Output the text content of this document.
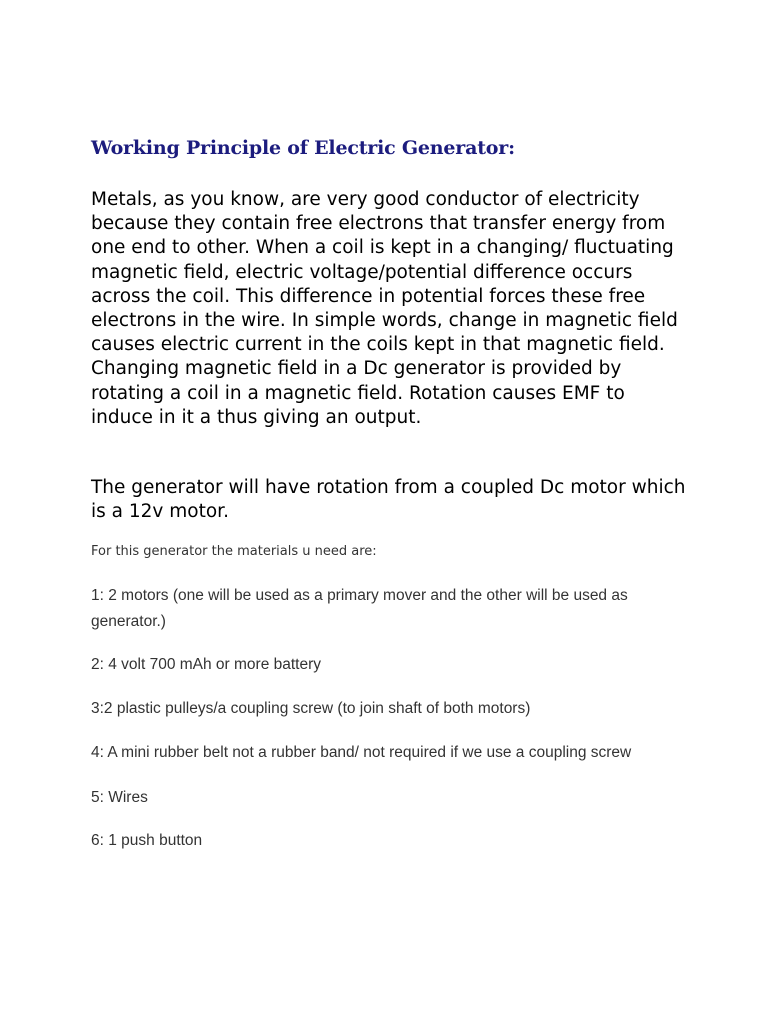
Working Principle of Electric Generator:

Metals, as you know, are very good conductor of electricity because they contain free electrons that transfer energy from one end to other. When a coil is kept in a changing/ fluctuating magnetic field, electric voltage/potential difference occurs across the coil. This difference in potential forces these free electrons in the wire. In simple words, change in magnetic field causes electric current in the coils kept in that magnetic field. Changing magnetic field in a Dc generator is provided by rotating a coil in a magnetic field. Rotation causes EMF to induce in it a thus giving an output.

The generator will have rotation from a coupled Dc motor which is a 12v motor.

For this generator the materials u need are:

1: 2 motors (one will be used as a primary mover and the other will be used as generator.)

2: 4 volt 700 mAh or more battery

3:2 plastic pulleys/a coupling screw (to join shaft of both motors)

4: A mini rubber belt not a rubber band/ not required if we use a coupling screw

5: Wires

6: 1 push button
